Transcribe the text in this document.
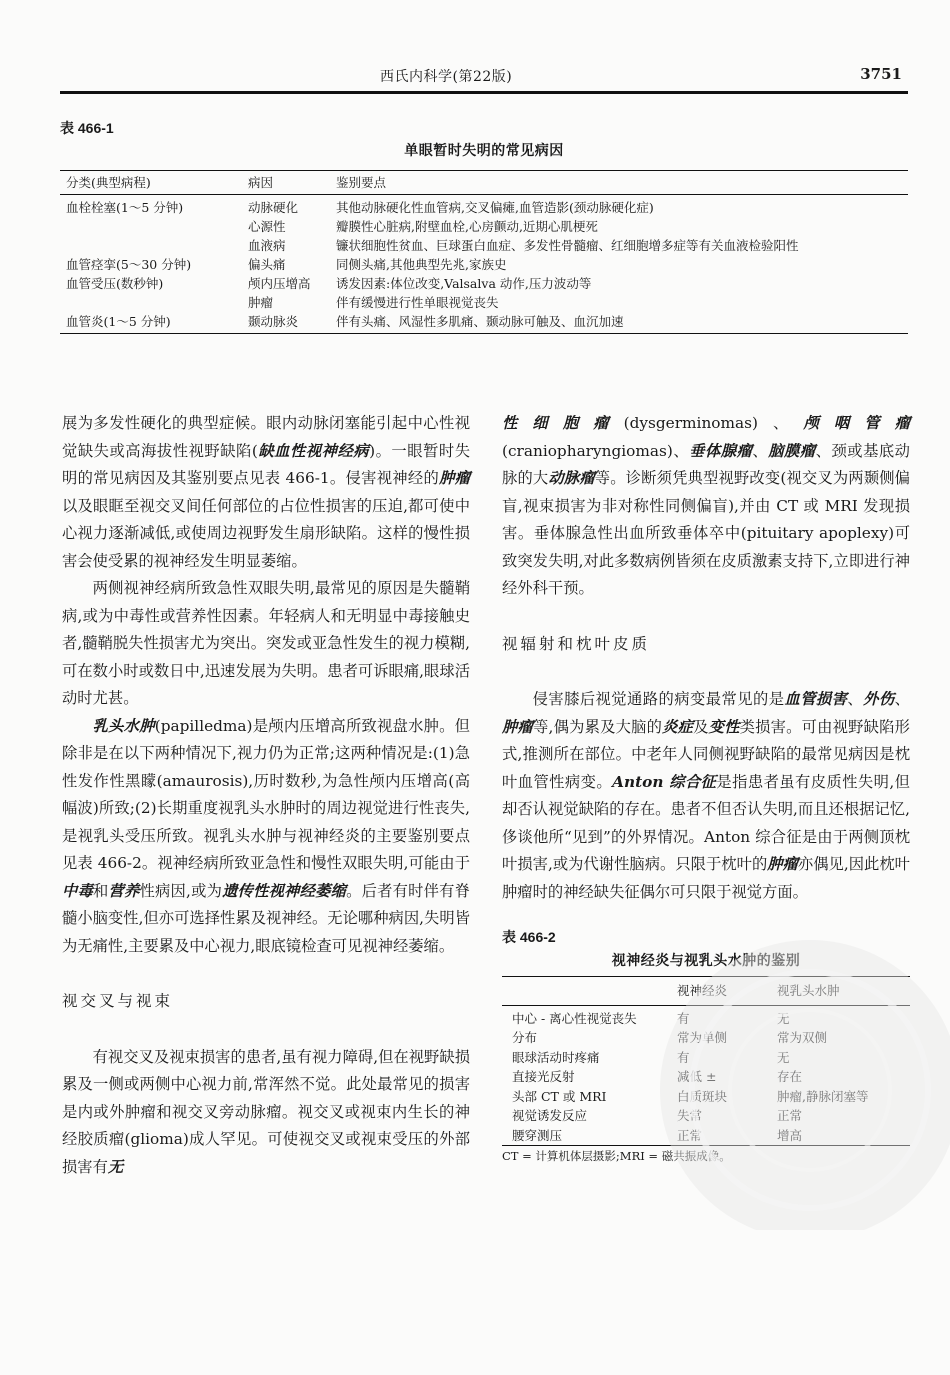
西氏内科学(第22版)	3751
表 466-1
单眼暂时失明的常见病因
分类(典型病程)	病因	鉴别要点
血栓栓塞(1～5 分钟)	动脉硬化	其他动脉硬化性血管病,交叉偏瘫,血管造影(颈动脉硬化症)
	心源性	瓣膜性心脏病,附壁血栓,心房颤动,近期心肌梗死
	血液病	镰状细胞性贫血、巨球蛋白血症、多发性骨髓瘤、红细胞增多症等有关血液检验阳性
血管痉挛(5～30 分钟)	偏头痛	同侧头痛,其他典型先兆,家族史
血管受压(数秒钟)	颅内压增高	诱发因素:体位改变,Valsalva 动作,压力波动等
	肿瘤	伴有缓慢进行性单眼视觉丧失
血管炎(1～5 分钟)	颞动脉炎	伴有头痛、风湿性多肌痛、颞动脉可触及、血沉加速

展为多发性硬化的典型症候。眼内动脉闭塞能引起中心性视觉缺失或高海拔性视野缺陷(缺血性视神经病)。一眼暂时失明的常见病因及其鉴别要点见表 466-1。侵害视神经的肿瘤以及眼眶至视交叉间任何部位的占位性损害的压迫,都可使中心视力逐渐减低,或使周边视野发生扇形缺陷。这样的慢性损害会使受累的视神经发生明显萎缩。

两侧视神经病所致急性双眼失明,最常见的原因是失髓鞘病,或为中毒性或营养性因素。年轻病人和无明显中毒接触史者,髓鞘脱失性损害尤为突出。突发或亚急性发生的视力模糊,可在数小时或数日中,迅速发展为失明。患者可诉眼痛,眼球活动时尤甚。

乳头水肿(papilledma)是颅内压增高所致视盘水肿。但除非是在以下两种情况下,视力仍为正常;这两种情况是:(1)急性发作性黑矇(amaurosis),历时数秒,为急性颅内压增高(高幅波)所致;(2)长期重度视乳头水肿时的周边视觉进行性丧失,是视乳头受压所致。视乳头水肿与视神经炎的主要鉴别要点见表 466-2。视神经病所致亚急性和慢性双眼失明,可能由于中毒和营养性病因,或为遗传性视神经萎缩。后者有时伴有脊髓小脑变性,但亦可选择性累及视神经。无论哪种病因,失明皆为无痛性,主要累及中心视力,眼底镜检查可见视神经萎缩。

视交叉与视束

有视交叉及视束损害的患者,虽有视力障碍,但在视野缺损累及一侧或两侧中心视力前,常浑然不觉。此处最常见的损害是内或外肿瘤和视交叉旁动脉瘤。视交叉或视束内生长的神经胶质瘤(glioma)成人罕见。可使视交叉或视束受压的外部损害有无

性细胞瘤(dysgerminomas)、颅咽管瘤(craniopharyngiomas)、垂体腺瘤、脑膜瘤、颈或基底动脉的大动脉瘤等。诊断须凭典型视野改变(视交叉为两颞侧偏盲,视束损害为非对称性同侧偏盲),并由 CT 或 MRI 发现损害。垂体腺急性出血所致垂体卒中(pituitary apoplexy)可致突发失明,对此多数病例皆须在皮质激素支持下,立即进行神经外科干预。

视辐射和枕叶皮质

侵害膝后视觉通路的病变最常见的是血管损害、外伤、肿瘤等,偶为累及大脑的炎症及变性类损害。可由视野缺陷形式,推测所在部位。中老年人同侧视野缺陷的最常见病因是枕叶血管性病变。Anton 综合征是指患者虽有皮质性失明,但却否认视觉缺陷的存在。患者不但否认失明,而且还根据记忆,侈谈他所“见到”的外界情况。Anton 综合征是由于两侧顶枕叶损害,或为代谢性脑病。只限于枕叶的肿瘤亦偶见,因此枕叶肿瘤时的神经缺失征偶尔可只限于视觉方面。

表 466-2
视神经炎与视乳头水肿的鉴别
	视神经炎	视乳头水肿
中心 - 离心性视觉丧失	有	无
分布	常为单侧	常为双侧
眼球活动时疼痛	有	无
直接光反射	减低 ±	存在
头部 CT 或 MRI	白质斑块	肿瘤,静脉闭塞等
视觉诱发反应	失常	正常
腰穿测压	正常	增高
CT = 计算机体层摄影;MRI = 磁共振成像。
